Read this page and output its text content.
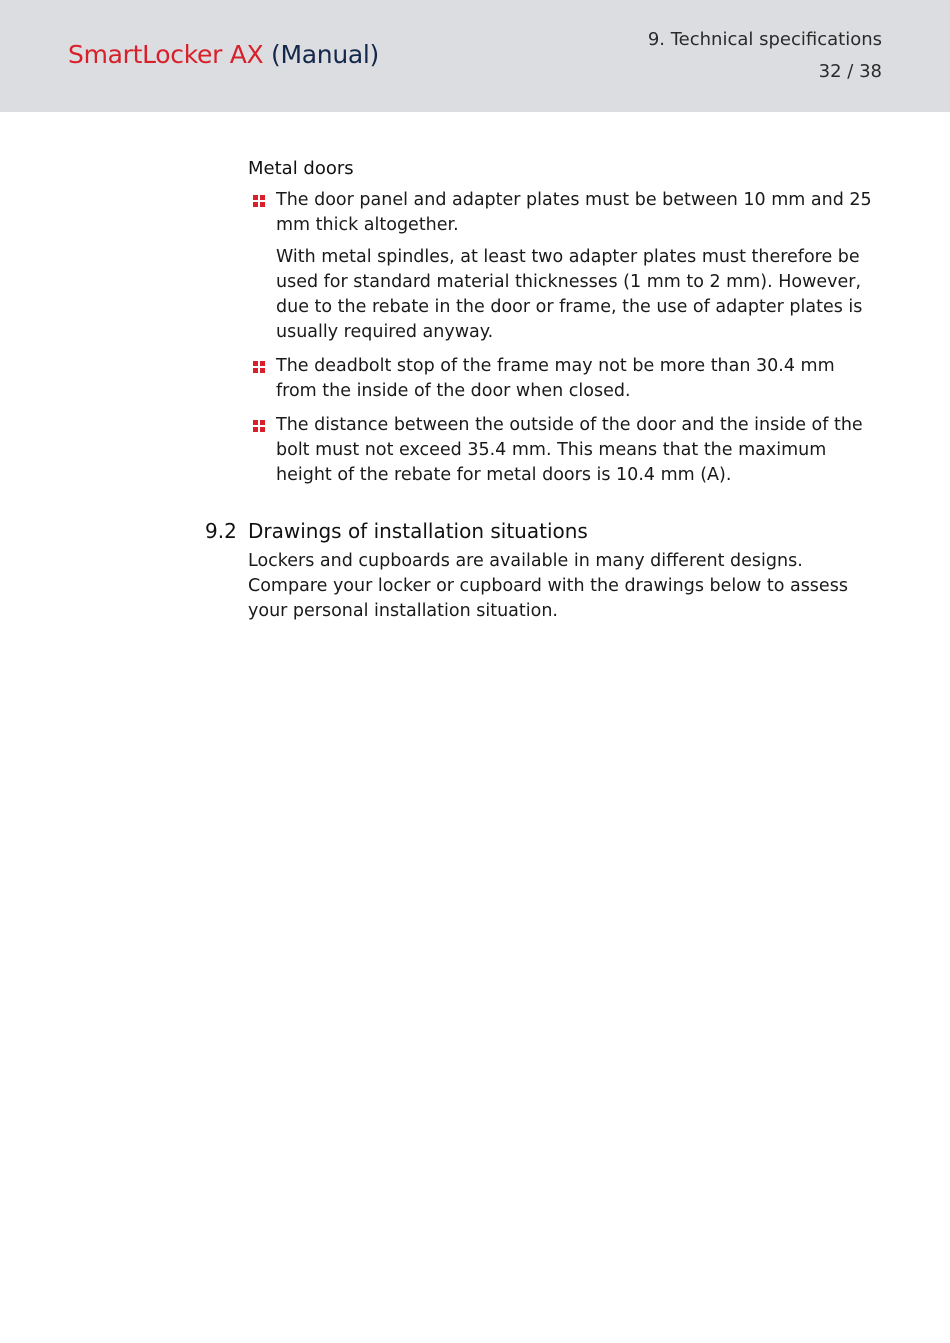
SmartLocker AX (Manual)
9. Technical specifications
32 / 38
Metal doors
The door panel and adapter plates must be between 10 mm and 25 mm thick altogether.
With metal spindles, at least two adapter plates must therefore be used for standard material thicknesses (1 mm to 2 mm). However, due to the rebate in the door or frame, the use of adapter plates is usually required anyway.
The deadbolt stop of the frame may not be more than 30.4 mm from the inside of the door when closed.
The distance between the outside of the door and the inside of the bolt must not exceed 35.4 mm. This means that the maximum height of the rebate for metal doors is 10.4 mm (A).
9.2 Drawings of installation situations

Lockers and cupboards are available in many different designs. Compare your locker or cupboard with the drawings below to assess your personal installation situation.
